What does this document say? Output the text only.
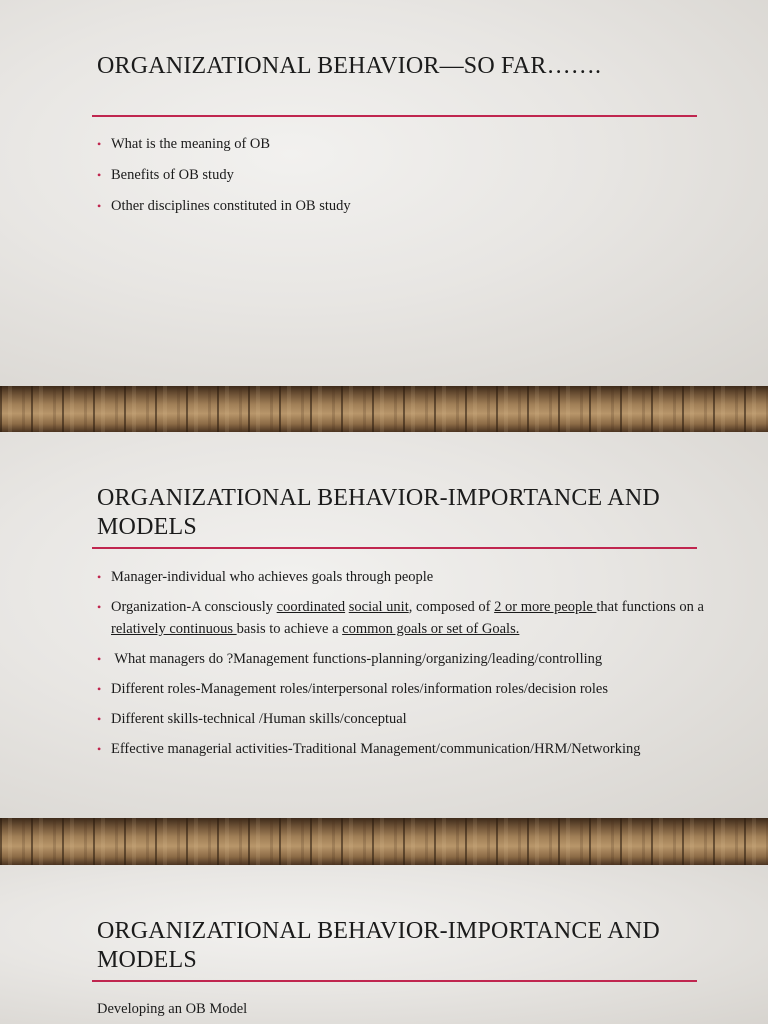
ORGANIZATIONAL BEHAVIOR—SO FAR…….
• What is the meaning of OB
• Benefits of OB study
• Other disciplines constituted in OB study
ORGANIZATIONAL BEHAVIOR-IMPORTANCE AND MODELS
• Manager-individual who achieves goals through people
• Organization-A consciously coordinated social unit, composed of 2 or more people that functions on a relatively continuous basis to achieve a common goals or set of Goals.
• What managers do ?Management functions-planning/organizing/leading/controlling
• Different roles-Management roles/interpersonal roles/information roles/decision roles
• Different skills-technical /Human skills/conceptual
• Effective managerial activities-Traditional Management/communication/HRM/Networking
ORGANIZATIONAL BEHAVIOR-IMPORTANCE AND MODELS

Developing an OB Model
